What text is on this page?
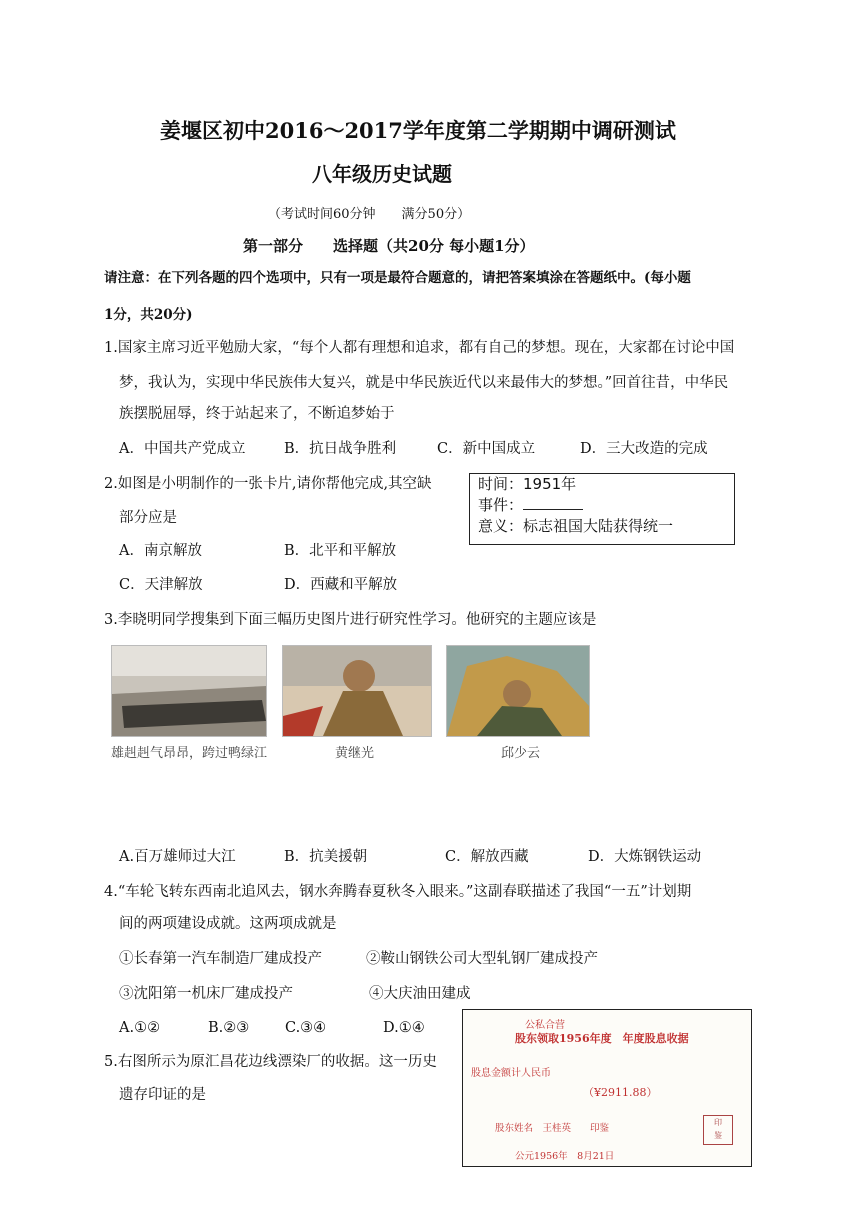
姜堰区初中2016～2017学年度第二学期期中调研测试
八年级历史试题
（考试时间60分钟　　满分50分）
第一部分　　选择题（共20分 每小题1分）
请注意：在下列各题的四个选项中，只有一项是最符合题意的，请把答案填涂在答题纸中。(每小题
1分，共20分)
1.国家主席习近平勉励大家，“每个人都有理想和追求，都有自己的梦想。现在，大家都在讨论中国
梦，我认为，实现中华民族伟大复兴，就是中华民族近代以来最伟大的梦想。”回首往昔，中华民
族摆脱屈辱，终于站起来了，不断追梦始于
A．中国共产党成立	B．抗日战争胜利	C．新中国成立	D．三大改造的完成
2.如图是小明制作的一张卡片,请你帮他完成,其空缺
部分应是
A．南京解放	B．北平和平解放
C．天津解放	D．西藏和平解放
时间：1951年
事件：
意义：标志祖国大陆获得统一
3.李晓明同学搜集到下面三幅历史图片进行研究性学习。他研究的主题应该是
雄赳赳气昂昂，跨过鸭绿江	黄继光	邱少云
A.百万雄师过大江	B．抗美援朝	C．解放西藏	D．大炼钢铁运动
4.“车轮飞转东西南北追风去，钢水奔腾春夏秋冬入眼来。”这副春联描述了我国“一五”计划期
间的两项建设成就。这两项成就是
①长春第一汽车制造厂建成投产	②鞍山钢铁公司大型轧钢厂建成投产
③沈阳第一机床厂建成投产	④大庆油田建成
A.①②	B.②③ C.③④	D.①④
5.右图所示为原汇昌花边线漂染厂的收据。这一历史
遗存印证的是
公私合营
股东领取1956年度　年度股息收据
股息金额计人民币
（¥2911.88）
股东姓名　王桂英　　印鉴
公元1956年　8月21日
印
鉴
